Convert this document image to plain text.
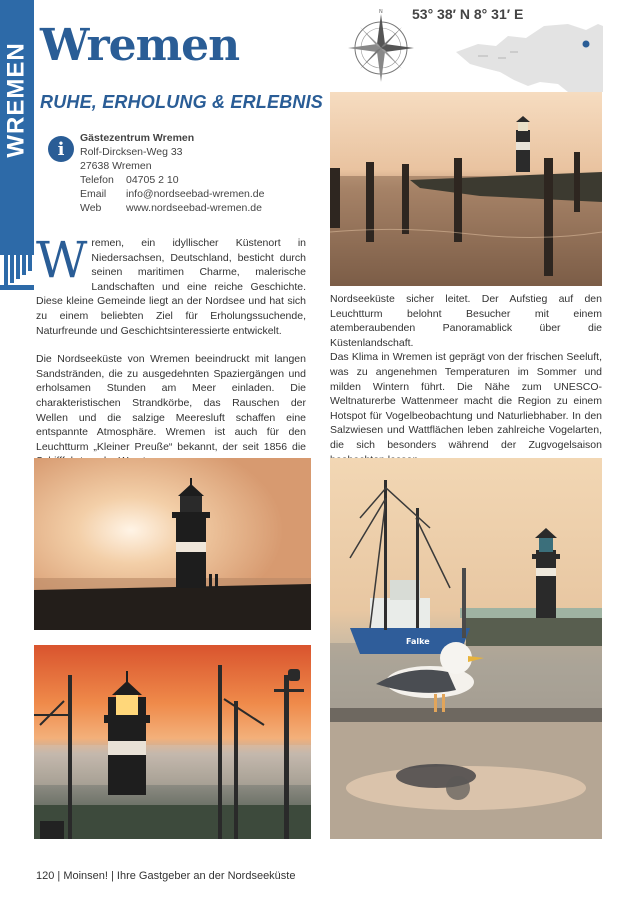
WREMEN Wremen
RUHE, ERHOLUNG & ERLEBNIS
N 53° 38′ N 8° 31′ E
i
Gästezentrum Wremen
Rolf-Dircksen-Weg 33
27638 Wremen
Telefon	04705 2 10
Email	info@nordseebad-wremen.de
Web	www.nordseebad-wremen.de

Wremen, ein idyllischer Küstenort in Niedersachsen, Deutschland, besticht durch seinen maritimen Charme, malerische Landschaften und eine reiche Geschichte. Diese kleine Gemeinde liegt an der Nordsee und hat sich zu einem beliebten Ziel für Erholungssuchende, Naturfreunde und Geschichtsinteressierte entwickelt.

Die Nordseeküste von Wremen beeindruckt mit langen Sandstränden, die zu ausgedehnten Spaziergängen und erholsamen Stunden am Meer einladen. Die charakteristischen Strandkörbe, das Rauschen der Wellen und die salzige Meeresluft schaffen eine entspannte Atmosphäre. Wremen ist auch für den Leuchtturm „Kleiner Preuße“ bekannt, der seit 1856 die

Nordseeküste sicher leitet. Der Aufstieg auf den Leuchtturm belohnt Besucher mit einem atemberaubenden Panoramablick über die Küstenlandschaft.

Das Klima in Wremen ist geprägt von der frischen Seeluft, was zu angenehmen Temperaturen im Sommer und milden Wintern führt. Die Nähe zum UNESCO-Weltnaturerbe Wattenmeer macht die Region zu einem Hotspot für Vogelbeobachtung und Naturliebhaber. In den Salzwiesen und Wattflächen leben zahlreiche Vogelarten, die sich besonders während der Zugvogelsaison

Falke
120 | Moinsen! | Ihre Gastgeber an der Nordseeküste
